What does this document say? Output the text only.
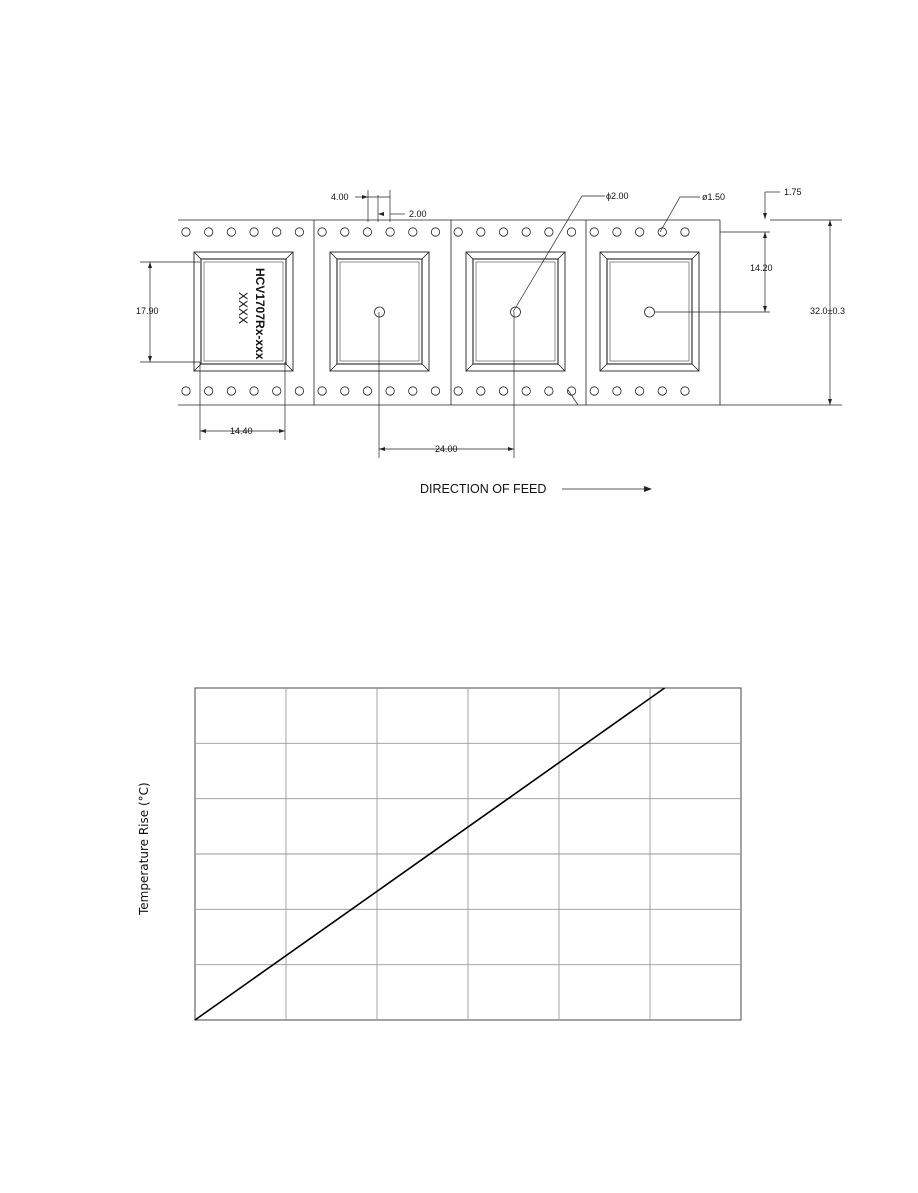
HCV1707Rx-xxx
XXXX
4.00
2.00
ϕ2.00	ø1.50	1.75
14.20
32.0±0.3
17.90
14.40
24.00
DIRECTION OF FEED
Temperature Rise (°C)
